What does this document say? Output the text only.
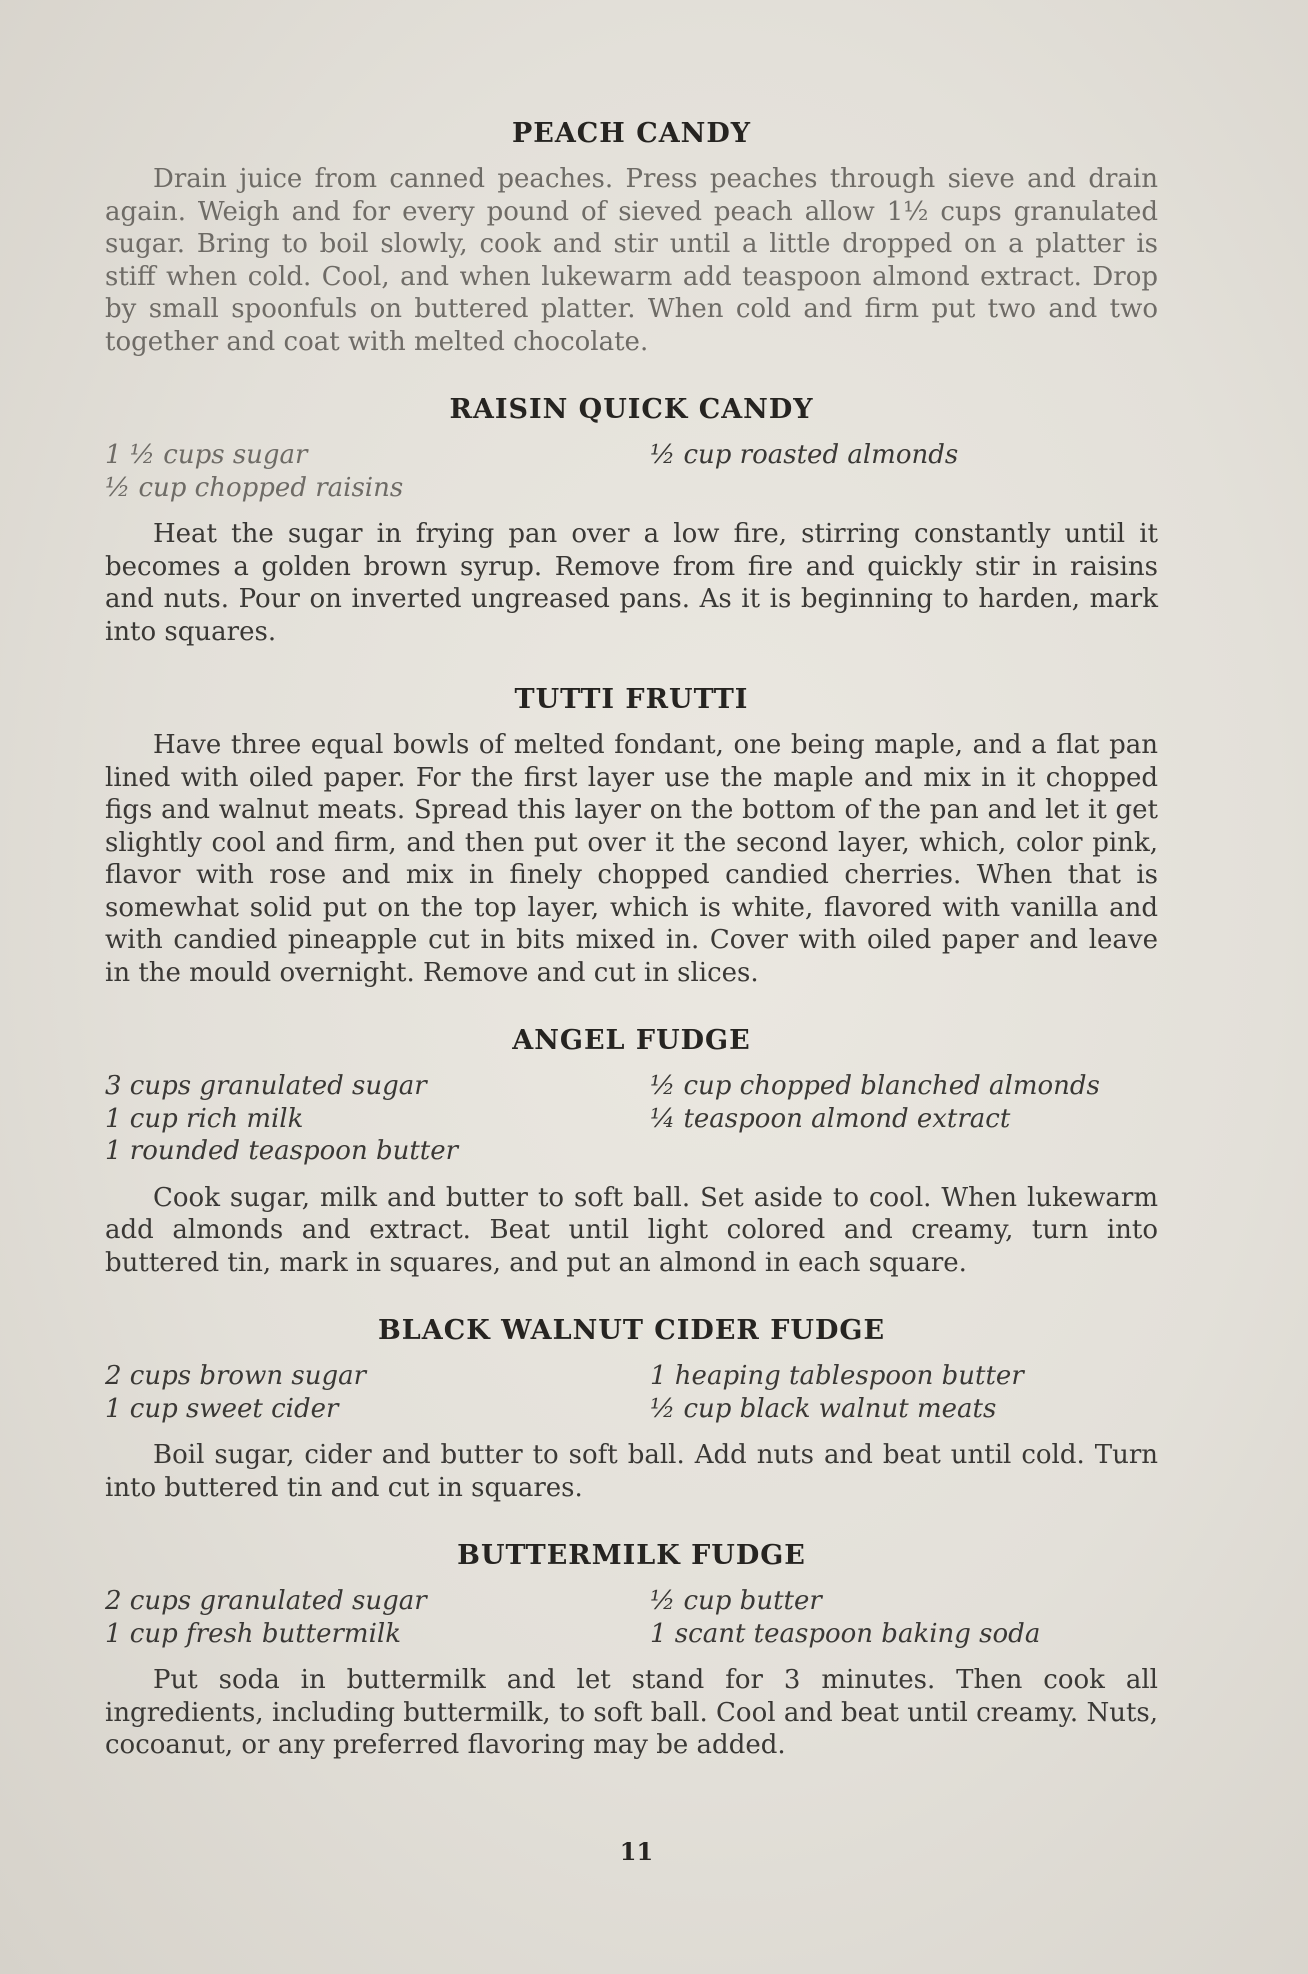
PEACH CANDY

Drain juice from canned peaches. Press peaches through sieve and drain again. Weigh and for every pound of sieved peach allow 1½ cups granulated sugar. Bring to boil slowly, cook and stir until a little dropped on a platter is stiff when cold. Cool, and when lukewarm add teaspoon almond extract. Drop by small spoonfuls on buttered platter. When cold and firm put two and two together and coat with melted chocolate.

RAISIN QUICK CANDY
1 ½ cups sugar
½ cup chopped raisins
½ cup roasted almonds

Heat the sugar in frying pan over a low fire, stirring constantly until it becomes a golden brown syrup. Remove from fire and quickly stir in raisins and nuts. Pour on inverted ungreased pans. As it is beginning to harden, mark into squares.

TUTTI FRUTTI

Have three equal bowls of melted fondant, one being maple, and a flat pan lined with oiled paper. For the first layer use the maple and mix in it chopped figs and walnut meats. Spread this layer on the bottom of the pan and let it get slightly cool and firm, and then put over it the second layer, which, color pink, flavor with rose and mix in finely chopped candied cherries. When that is somewhat solid put on the top layer, which is white, flavored with vanilla and with candied pineapple cut in bits mixed in. Cover with oiled paper and leave in the mould overnight. Remove and cut in slices.

ANGEL FUDGE
3 cups granulated sugar
1 cup rich milk
1 rounded teaspoon butter
½ cup chopped blanched almonds
¼ teaspoon almond extract

Cook sugar, milk and butter to soft ball. Set aside to cool. When lukewarm add almonds and extract. Beat until light colored and creamy, turn into buttered tin, mark in squares, and put an almond in each square.

BLACK WALNUT CIDER FUDGE
2 cups brown sugar
1 cup sweet cider
1 heaping tablespoon butter
½ cup black walnut meats

Boil sugar, cider and butter to soft ball. Add nuts and beat until cold. Turn into buttered tin and cut in squares.

BUTTERMILK FUDGE
2 cups granulated sugar
1 cup fresh buttermilk
½ cup butter
1 scant teaspoon baking soda

Put soda in buttermilk and let stand for 3 minutes. Then cook all ingredients, including buttermilk, to soft ball. Cool and beat until creamy. Nuts, cocoanut, or any preferred flavoring may be added.

11
